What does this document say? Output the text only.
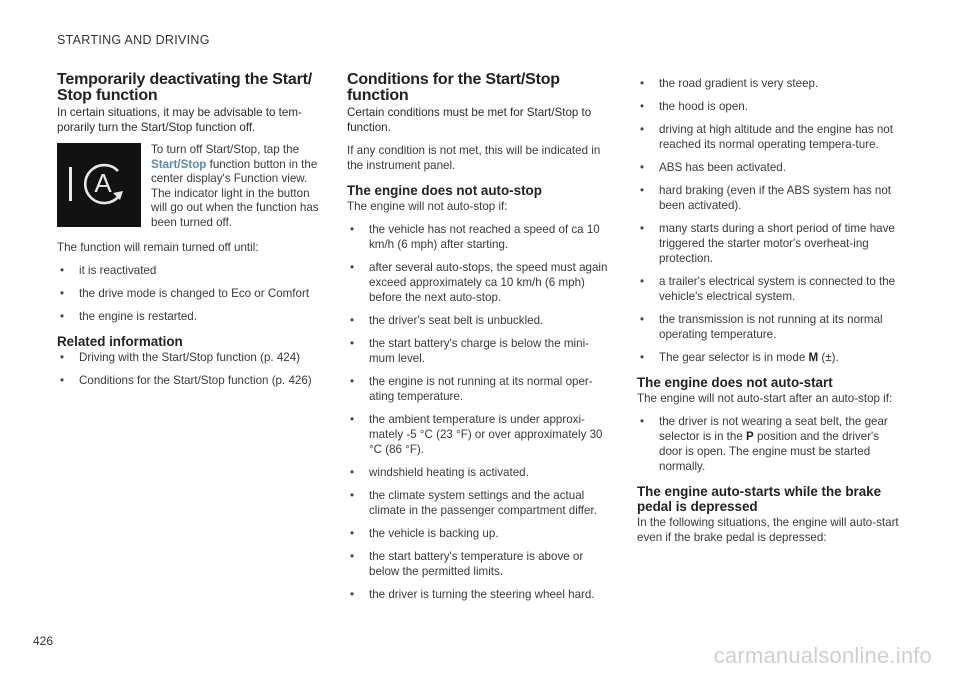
STARTING AND DRIVING
Temporarily deactivating the Start/ Stop function

In certain situations, it may be advisable to tem-porarily turn the Start/Stop function off.

A

To turn off Start/Stop, tap the Start/Stop function button in the center display's Function view. The indicator light in the button will go out when the function has been turned off.

The function will remain turned off until:

• it is reactivated
• the drive mode is changed to Eco or Comfort
• the engine is restarted.
Related information
• Driving with the Start/Stop function (p. 424)
• Conditions for the Start/Stop function (p. 426)
Conditions for the Start/Stop function

Certain conditions must be met for Start/Stop to function.

If any condition is not met, this will be indicated in the instrument panel.

The engine does not auto-stop

The engine will not auto-stop if:

• the vehicle has not reached a speed of ca 10 km/h (6 mph) after starting.
• after several auto-stops, the speed must again exceed approximately ca 10 km/h (6 mph) before the next auto-stop.
• the driver's seat belt is unbuckled.
• the start battery's charge is below the mini-mum level.
• the engine is not running at its normal oper-ating temperature.
• the ambient temperature is under approxi-mately -5 °C (23 °F) or over approximately 30 °C (86 °F).
• windshield heating is activated.
• the climate system settings and the actual climate in the passenger compartment differ.
• the vehicle is backing up.
• the start battery's temperature is above or below the permitted limits.
• the driver is turning the steering wheel hard.
• the road gradient is very steep.
• the hood is open.
• driving at high altitude and the engine has not reached its normal operating tempera-ture.
• ABS has been activated.
• hard braking (even if the ABS system has not been activated).
• many starts during a short period of time have triggered the starter motor's overheat-ing protection.
• a trailer's electrical system is connected to the vehicle's electrical system.
• the transmission is not running at its normal operating temperature.
• The gear selector is in mode M (±).
The engine does not auto-start

The engine will not auto-start after an auto-stop if:

• the driver is not wearing a seat belt, the gear selector is in the P position and the driver's door is open. The engine must be started normally.
The engine auto-starts while the brake pedal is depressed

In the following situations, the engine will auto-start even if the brake pedal is depressed:

426
carmanualsonline.info
